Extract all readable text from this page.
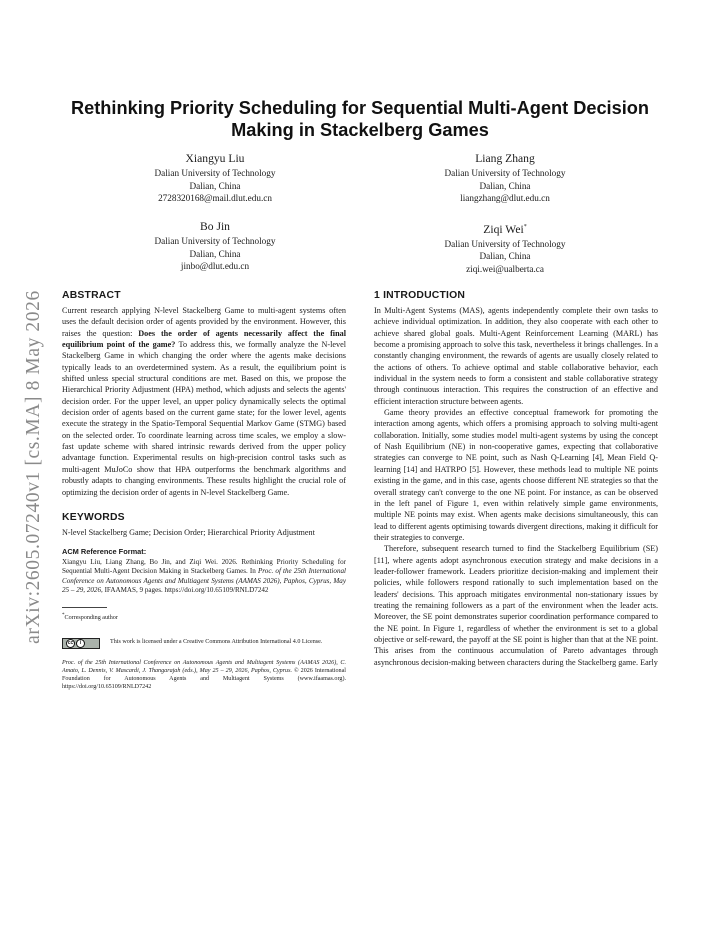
arXiv:2605.07240v1 [cs.MA] 8 May 2026
Rethinking Priority Scheduling for Sequential Multi-Agent Decision Making in Stackelberg Games
Xiangyu Liu
Dalian University of Technology
Dalian, China
2728320168@mail.dlut.edu.cn
Liang Zhang
Dalian University of Technology
Dalian, China
liangzhang@dlut.edu.cn
Bo Jin
Dalian University of Technology
Dalian, China
jinbo@dlut.edu.cn
Ziqi Wei*
Dalian University of Technology
Dalian, China
ziqi.wei@ualberta.ca
ABSTRACT

Current research applying N-level Stackelberg Game to multi-agent systems often uses the default decision order of agents provided by the environment. However, this raises the question: Does the order of agents necessarily affect the final equilibrium point of the game? To address this, we formally analyze the N-level Stackelberg Game in which changing the order where the agents make decisions typically leads to an overdetermined system. As a result, the equilibrium point is shifted unless special structural conditions are met. Based on this, we propose the Hierarchical Priority Adjustment (HPA) method, which adjusts and selects the agents' decision order. For the upper level, an upper policy dynamically selects the optimal decision order of agents based on the current game state; for the lower level, agents execute the strategy in the Spatio-Temporal Sequential Markov Game (STMG) based on the selected order. To coordinate learning across time scales, we employ a slow-fast update scheme with shared intrinsic rewards derived from the upper policy advantage function. Experimental results on high-precision control tasks such as multi-agent MuJoCo show that HPA outperforms the benchmark algorithms and robustly adapts to changing environments. These results highlight the crucial role of optimizing the decision order of agents in N-level Stackelberg Game.

KEYWORDS

N-level Stackelberg Game; Decision Order; Hierarchical Priority Adjustment

ACM Reference Format:

Xiangyu Liu, Liang Zhang, Bo Jin, and Ziqi Wei. 2026. Rethinking Priority Scheduling for Sequential Multi-Agent Decision Making in Stackelberg Games. In Proc. of the 25th International Conference on Autonomous Agents and Multiagent Systems (AAMAS 2026), Paphos, Cyprus, May 25 – 29, 2026, IFAAMAS, 9 pages. https://doi.org/10.65109/RNLD7242

*Corresponding author

cc	i	This work is licensed under a Creative Commons Attribution International 4.0 License.

Proc. of the 25th International Conference on Autonomous Agents and Multiagent Systems (AAMAS 2026), C. Amato, L. Dennis, V. Mascardi, J. Thangarajah (eds.), May 25 – 29, 2026, Paphos, Cyprus. © 2026 International Foundation for Autonomous Agents and Multiagent Systems (www.ifaamas.org). https://doi.org/10.65109/RNLD7242

1 INTRODUCTION

In Multi-Agent Systems (MAS), agents independently complete their own tasks to achieve individual optimization. In addition, they also cooperate with each other to achieve shared global goals. Multi-Agent Reinforcement Learning (MARL) has become a promising approach to solve this task, nevertheless it brings challenges. In a constantly changing environment, the rewards of agents are usually closely related to the actions of others. To achieve optimal and stable collaborative behavior, each individual in the system needs to form a consistent and stable collaborative strategy through continuous interaction. This requires the construction of an effective and efficient interaction structure between agents.

Game theory provides an effective conceptual framework for promoting the interaction among agents, which offers a promising approach to solving multi-agent collaboration. Initially, some studies model multi-agent systems by using the concept of Nash Equilibrium (NE) in non-cooperative games, expecting that collaborative strategies can converge to NE point, such as Nash Q-Learning [4], Mean Field Q-learning [14] and HATRPO [5]. However, these methods lead to multiple NE points existing in the game, and in this case, agents choose different NE strategies so that the overall strategy can't converge to the one NE point. For instance, as can be observed in the left panel of Figure 1, even within relatively simple game environments, multiple NE points may exist. When agents make decisions simultaneously, this can lead to different agents optimising towards divergent directions, making it difficult for their strategies to converge.

Therefore, subsequent research turned to find the Stackelberg Equilibrium (SE) [11], where agents adopt asynchronous execution strategy and make decisions in a leader-follower framework. Leaders prioritize decision-making and implement their policies, while followers respond rationally to such implementation based on the leaders' decisions. This approach mitigates environmental non-stationary issues by treating the remaining followers as a part of the environment when the leader acts. Moreover, the SE point demonstrates superior coordination performance compared to the NE point. In Figure 1, regardless of whether the environment is set to a global objective or self-reward, the payoff at the SE point is higher than that at the NE point. This arises from the continuous accumulation of Pareto advantages through asynchronous decision-making between characters during the Stackelberg game. Early
